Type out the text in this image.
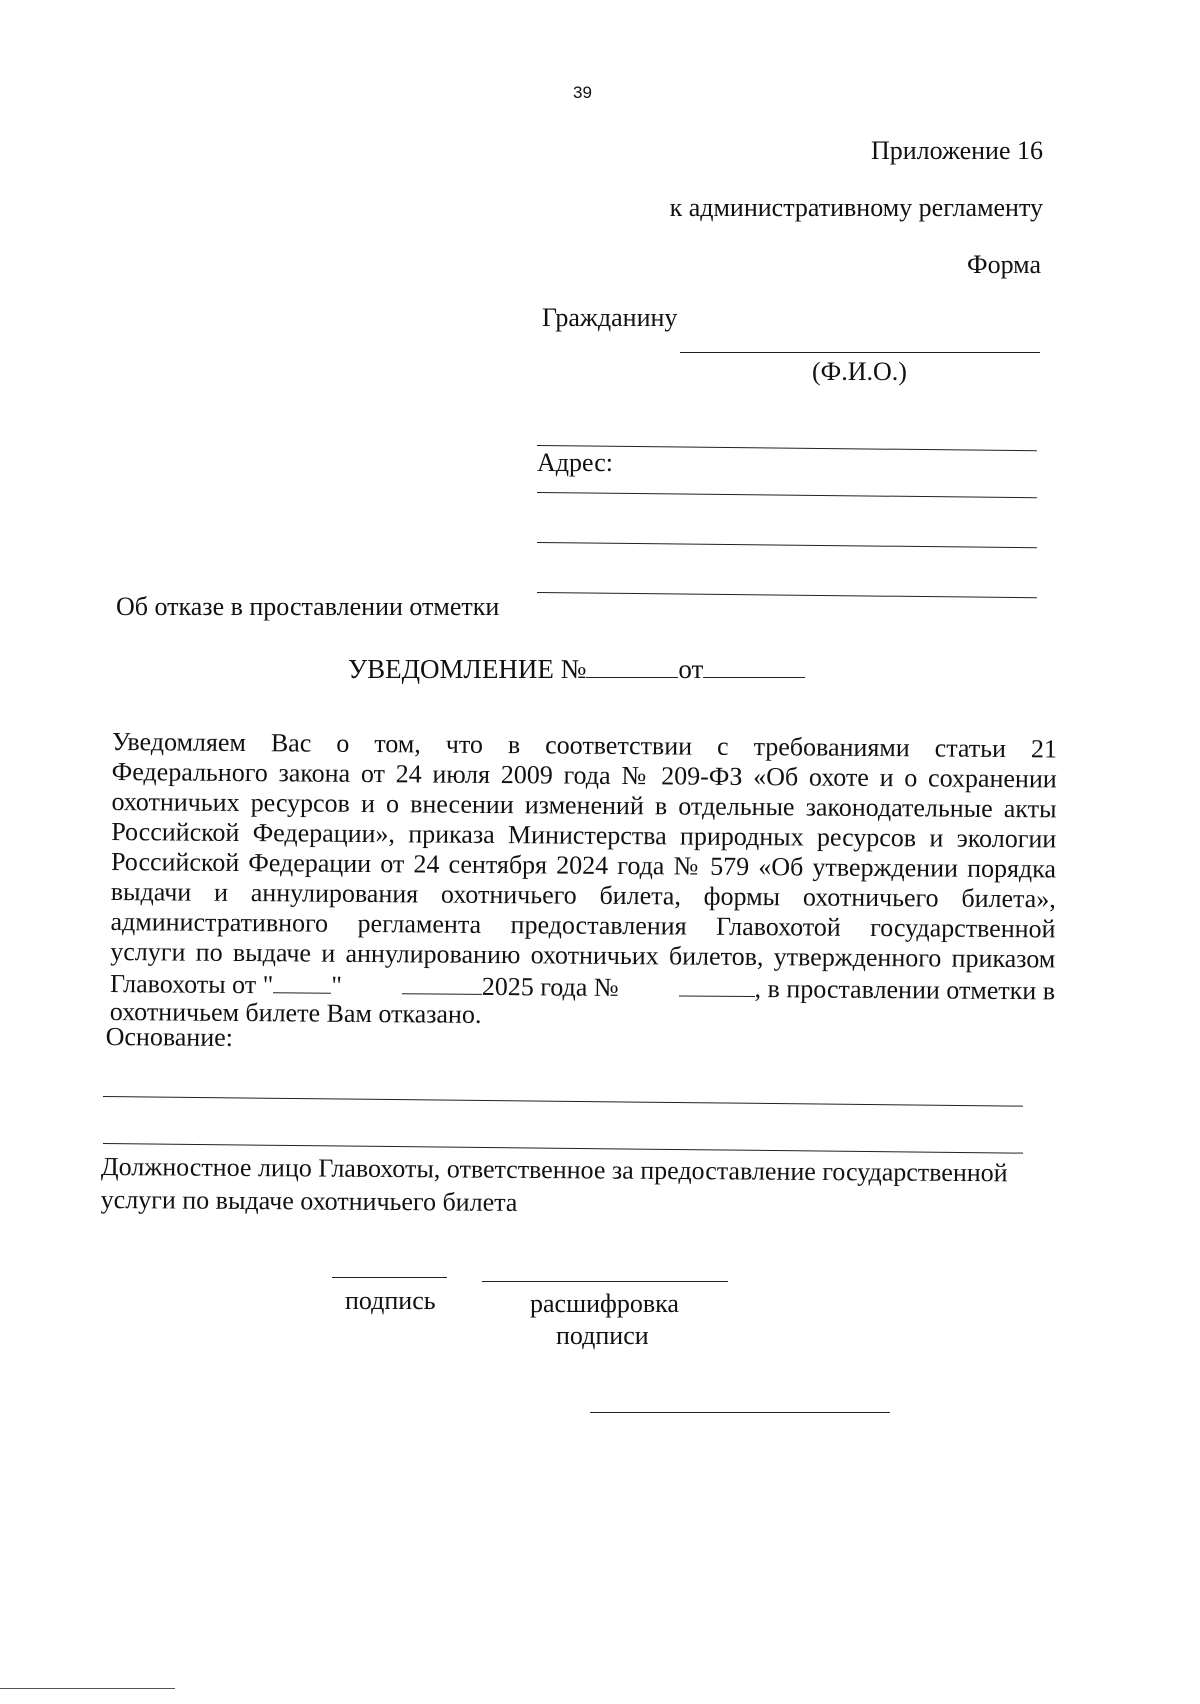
39
Приложение 16
к административному регламенту
Форма
Гражданину
(Ф.И.О.)
Адрес:
Об отказе в проставлении отметки
УВЕДОМЛЕНИЕ №	от
Уведомляем Вас о том, что в соответствии с требованиями статьи 21
Федерального закона от 24 июля 2009 года № 209-ФЗ «Об охоте и о сохранении
охотничьих ресурсов и о внесении изменений в отдельные законодательные акты
Российской Федерации», приказа Министерства природных ресурсов и экологии
Российской Федерации от 24 сентября 2024 года № 579 «Об утверждении порядка
выдачи и аннулирования охотничьего билета, формы охотничьего билета»,
административного регламента предоставления Главохотой государственной
услуги по выдаче и аннулированию охотничьих билетов, утвержденного приказом
Главохоты от " "	2025 года №	, в проставлении отметки в
охотничьем билете Вам отказано.
Основание:
Должностное лицо Главохоты, ответственное за предоставление государственной
услуги по выдаче охотничьего билета
подпись	расшифровка
подписи
